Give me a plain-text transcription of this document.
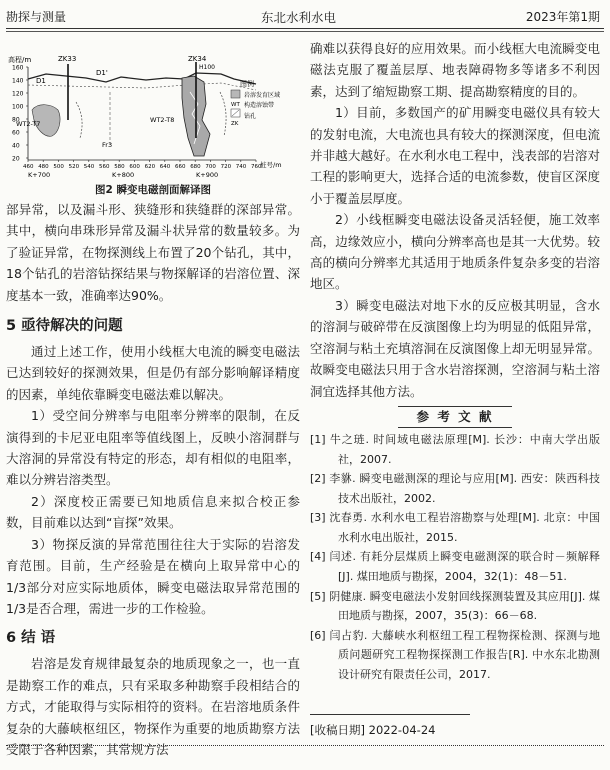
勘探与测量	东北水利水电	2023年第1期
高程/m
160
140
120
100
80
60
40
20
ZK33
D1
D1'
WT2-T7
Fr3
ZK34
H100
WT2-T8
图例
WT
ZK
岩溶发育区域
构造溶蚀带
钻孔
460 480 500 520 540 560 580 600 620 640 660 680 700 720 740 760
桩号/m
K+700	K+800	K+900
图2 瞬变电磁剖面解译图

部异常，以及漏斗形、狭缝形和狭缝群的深部异常。其中，横向串珠形异常及漏斗状异常的数量较多。为了验证异常，在物探测线上布置了20个钻孔，其中，18个钻孔的岩溶钻探结果与物探解译的岩溶位置、深度基本一致，准确率达90%。

5 亟待解决的问题

通过上述工作，使用小线框大电流的瞬变电磁法已达到较好的探测效果，但是仍有部分影响解译精度的因素，单纯依靠瞬变电磁法难以解决。

1）受空间分辨率与电阻率分辨率的限制，在反演得到的卡尼亚电阻率等值线图上，反映小溶洞群与大溶洞的异常没有特定的形态，却有相似的电阻率，难以分辨岩溶类型。

2）深度校正需要已知地质信息来拟合校正参数，目前难以达到“盲探”效果。

3）物探反演的异常范围往往大于实际的岩溶发育范围。目前，生产经验是在横向上取异常中心的1/3部分对应实际地质体，瞬变电磁法取异常范围的1/3是否合理，需进一步的工作检验。

6 结 语

岩溶是发育规律最复杂的地质现象之一，也一直是勘察工作的难点，只有采取多种勘察手段相结合的方式，才能取得与实际相符的资料。在岩溶地质条件复杂的大藤峡枢纽区，物探作为重要的地质勘察方法受限于各种因素，其常规方法

确难以获得良好的应用效果。而小线框大电流瞬变电磁法克服了覆盖层厚、地表障碍物多等诸多不利因素，达到了缩短勘察工期、提高勘察精度的目的。

1）目前，多数国产的矿用瞬变电磁仪具有较大的发射电流，大电流也具有较大的探测深度，但电流并非越大越好。在水利水电工程中，浅表部的岩溶对工程的影响更大，选择合适的电流参数，使盲区深度小于覆盖层厚度。

2）小线框瞬变电磁法设备灵活轻便，施工效率高，边缘效应小，横向分辨率高也是其一大优势。较高的横向分辨率尤其适用于地质条件复杂多变的岩溶地区。

3）瞬变电磁法对地下水的反应极其明显，含水的溶洞与破碎带在反演图像上均为明显的低阻异常，空溶洞与粘土充填溶洞在反演图像上却无明显异常。故瞬变电磁法只用于含水岩溶探测，空溶洞与粘土溶洞宜选择其他方法。

参 考 文 献

[1] 牛之琏. 时间域电磁法原理[M]. 长沙：中南大学出版社，2007.

[2] 李貅. 瞬变电磁测深的理论与应用[M]. 西安：陕西科技技术出版社，2002.

[3] 沈春勇. 水利水电工程岩溶勘察与处理[M]. 北京：中国水利水电出版社，2015.

[4] 闫述. 有耗分层煤质上瞬变电磁测深的联合时－频解释[J]. 煤田地质与勘探，2004，32(1)：48－51.

[5] 阴健康. 瞬变电磁法小发射回线探测装置及其应用[J]. 煤田地质与勘探，2007，35(3)：66－68.

[6] 闫占豹. 大藤峡水利枢纽工程工程物探检测、探测与地质问题研究工程物探探测工作报告[R]. 中水东北勘测设计研究有限责任公司，2017.

[收稿日期] 2022-04-24
